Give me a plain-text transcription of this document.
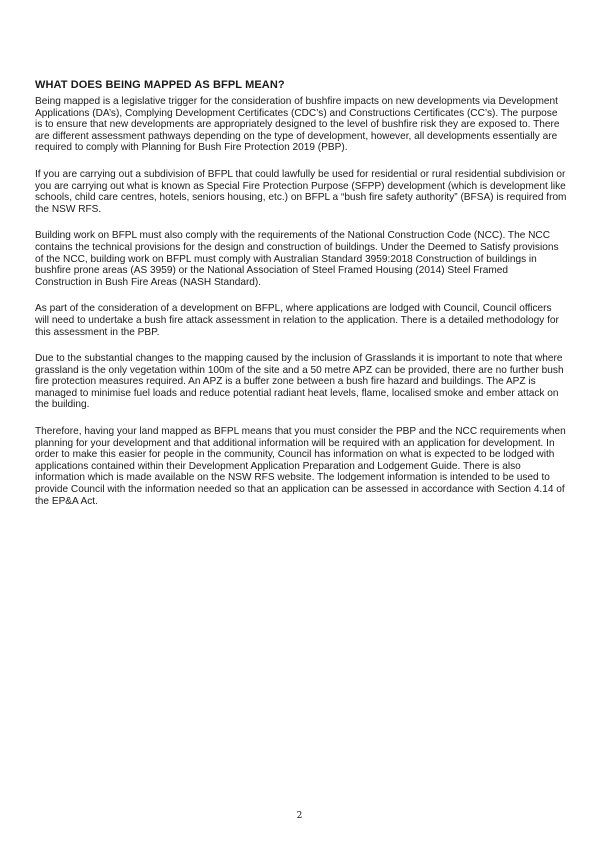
WHAT DOES BEING MAPPED AS BFPL MEAN?

Being mapped is a legislative trigger for the consideration of bushfire impacts on new developments via Development Applications (DA’s), Complying Development Certificates (CDC’s) and Constructions Certificates (CC’s). The purpose is to ensure that new developments are appropriately designed to the level of bushfire risk they are exposed to. There are different assessment pathways depending on the type of development, however, all developments essentially are required to comply with Planning for Bush Fire Protection 2019 (PBP).

If you are carrying out a subdivision of BFPL that could lawfully be used for residential or rural residential subdivision or you are carrying out what is known as Special Fire Protection Purpose (SFPP) development (which is development like schools, child care centres, hotels, seniors housing, etc.) on BFPL a “bush fire safety authority” (BFSA) is required from the NSW RFS.

Building work on BFPL must also comply with the requirements of the National Construction Code (NCC). The NCC contains the technical provisions for the design and construction of buildings. Under the Deemed to Satisfy provisions of the NCC, building work on BFPL must comply with Australian Standard 3959:2018 Construction of buildings in bushfire prone areas (AS 3959) or the National Association of Steel Framed Housing (2014) Steel Framed Construction in Bush Fire Areas (NASH Standard).

As part of the consideration of a development on BFPL, where applications are lodged with Council, Council officers will need to undertake a bush fire attack assessment in relation to the application. There is a detailed methodology for this assessment in the PBP.

Due to the substantial changes to the mapping caused by the inclusion of Grasslands it is important to note that where grassland is the only vegetation within 100m of the site and a 50 metre APZ can be provided, there are no further bush fire protection measures required. An APZ is a buffer zone between a bush fire hazard and buildings. The APZ is managed to minimise fuel loads and reduce potential radiant heat levels, flame, localised smoke and ember attack on the building.

Therefore, having your land mapped as BFPL means that you must consider the PBP and the NCC requirements when planning for your development and that additional information will be required with an application for development. In order to make this easier for people in the community, Council has information on what is expected to be lodged with applications contained within their Development Application Preparation and Lodgement Guide. There is also information which is made available on the NSW RFS website. The lodgement information is intended to be used to provide Council with the information needed so that an application can be assessed in accordance with Section 4.14 of the EP&A Act.

2
